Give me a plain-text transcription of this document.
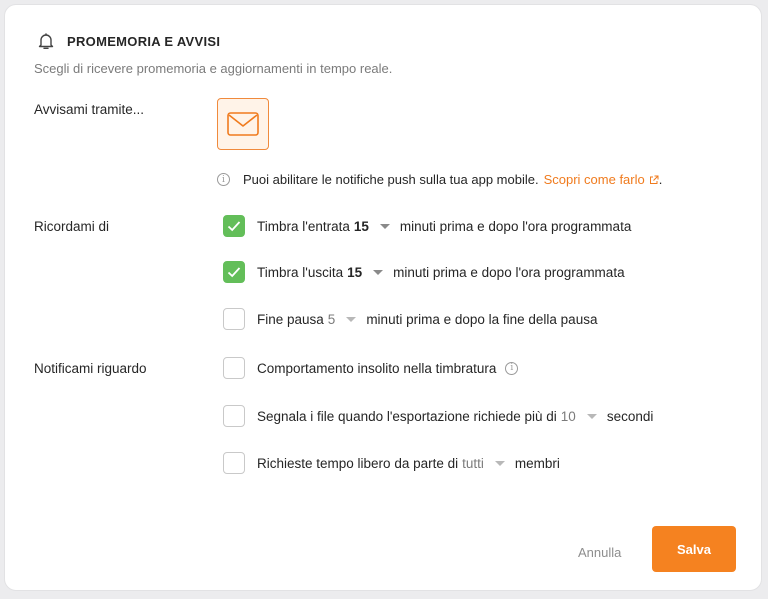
PROMEMORIA E AVVISI
Scegli di ricevere promemoria e aggiornamenti in tempo reale.
Avvisami tramite...
i	Puoi abilitare le notifiche push sulla tua app mobile. Scopri come farlo .
Ricordami di	Timbra l'entrata 15 minuti prima e dopo l'ora programmata
Timbra l'uscita 15 minuti prima e dopo l'ora programmata
Fine pausa 5 minuti prima e dopo la fine della pausa
Notificami riguardo	Comportamento insolito nella timbratura	i
Segnala i file quando l'esportazione richiede più di 10 secondi
Richieste tempo libero da parte di tutti membri
Annulla	Salva
